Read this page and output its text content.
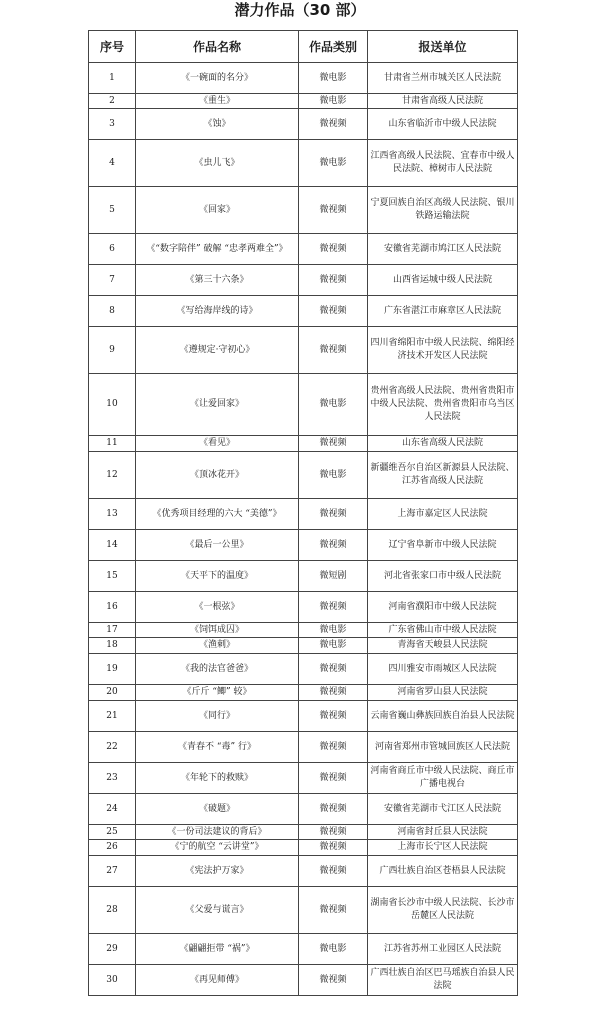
潜力作品（30 部）
序号	作品名称	作品类别	报送单位
1	《一碗面的名分》	微电影	甘肃省兰州市城关区人民法院
2	《重生》	微电影	甘肃省高级人民法院
3	《蚀》	微视频	山东省临沂市中级人民法院
4	《虫儿飞》	微电影	江西省高级人民法院、宜春市中级人民法院、樟树市人民法院
5	《回家》	微视频	宁夏回族自治区高级人民法院、银川铁路运输法院
6	《“数字陪伴” 破解 “忠孝两难全”》	微视频	安徽省芜湖市鸠江区人民法院
7	《第三十六条》	微视频	山西省运城中级人民法院
8	《写给海岸线的诗》	微视频	广东省湛江市麻章区人民法院
9	《遵规定·守初心》	微视频	四川省绵阳市中级人民法院、绵阳经济技术开发区人民法院
10	《让爱回家》	微电影	贵州省高级人民法院、贵州省贵阳市中级人民法院、贵州省贵阳市乌当区人民法院
11	《看见》	微视频	山东省高级人民法院
12	《顶冰花开》	微电影	新疆维吾尔自治区新源县人民法院、江苏省高级人民法院
13	《优秀项目经理的六大 “美德”》	微视频	上海市嘉定区人民法院
14	《最后一公里》	微视频	辽宁省阜新市中级人民法院
15	《天平下的温度》	微短剧	河北省张家口市中级人民法院
16	《一根弦》	微视频	河南省濮阳市中级人民法院
17	《饲饵成囚》	微电影	广东省佛山市中级人民法院
18	《渔刺》	微电影	青海省天峻县人民法院
19	《我的法官爸爸》	微视频	四川雅安市雨城区人民法院
20	《斤斤 “鲫” 较》	微视频	河南省罗山县人民法院
21	《同行》	微视频	云南省巍山彝族回族自治县人民法院
22	《青春不 “毒” 行》	微视频	河南省郑州市管城回族区人民法院
23	《年轮下的救赎》	微视频	河南省商丘市中级人民法院、商丘市广播电视台
24	《破题》	微视频	安徽省芜湖市弋江区人民法院
25	《一份司法建议的背后》	微视频	河南省封丘县人民法院
26	《宁的航空 “云讲堂”》	微视频	上海市长宁区人民法院
27	《宪法护万家》	微视频	广西壮族自治区苍梧县人民法院
28	《父爱与谎言》	微视频	湖南省长沙市中级人民法院、长沙市岳麓区人民法院
29	《翩翩拒带 “祸”》	微电影	江苏省苏州工业园区人民法院
30	《再见师傅》	微视频	广西壮族自治区巴马瑶族自治县人民法院
